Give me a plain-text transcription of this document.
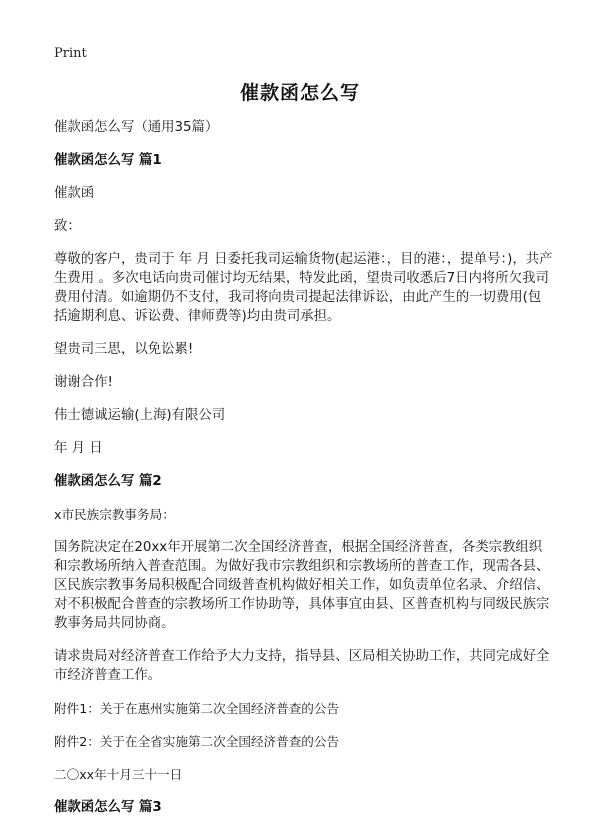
Print
催款函怎么写

催款函怎么写（通用35篇）

催款函怎么写 篇1

催款函

致：

尊敬的客户，贵司于 年 月 日委托我司运输货物(起运港：，目的港：，提单号：)，共产生费用 。多次电话向贵司催讨均无结果，特发此函，望贵司收悉后7日内将所欠我司费用付清。如逾期仍不支付，我司将向贵司提起法律诉讼，由此产生的一切费用(包括逾期利息、诉讼费、律师费等)均由贵司承担。

望贵司三思，以免讼累!

谢谢合作!

伟士德诚运输(上海)有限公司

年 月 日

催款函怎么写 篇2

x市民族宗教事务局：

国务院决定在20xx年开展第二次全国经济普查，根据全国经济普查，各类宗教组织和宗教场所纳入普查范围。为做好我市宗教组织和宗教场所的普查工作，现需各县、区民族宗教事务局积极配合同级普查机构做好相关工作，如负责单位名录、介绍信、对不积极配合普查的宗教场所工作协助等，具体事宜由县、区普查机构与同级民族宗教事务局共同协商。

请求贵局对经济普查工作给予大力支持，指导县、区局相关协助工作，共同完成好全市经济普查工作。

附件1：关于在惠州实施第二次全国经济普查的公告

附件2：关于在全省实施第二次全国经济普查的公告

二〇xx年十月三十一日

催款函怎么写 篇3
